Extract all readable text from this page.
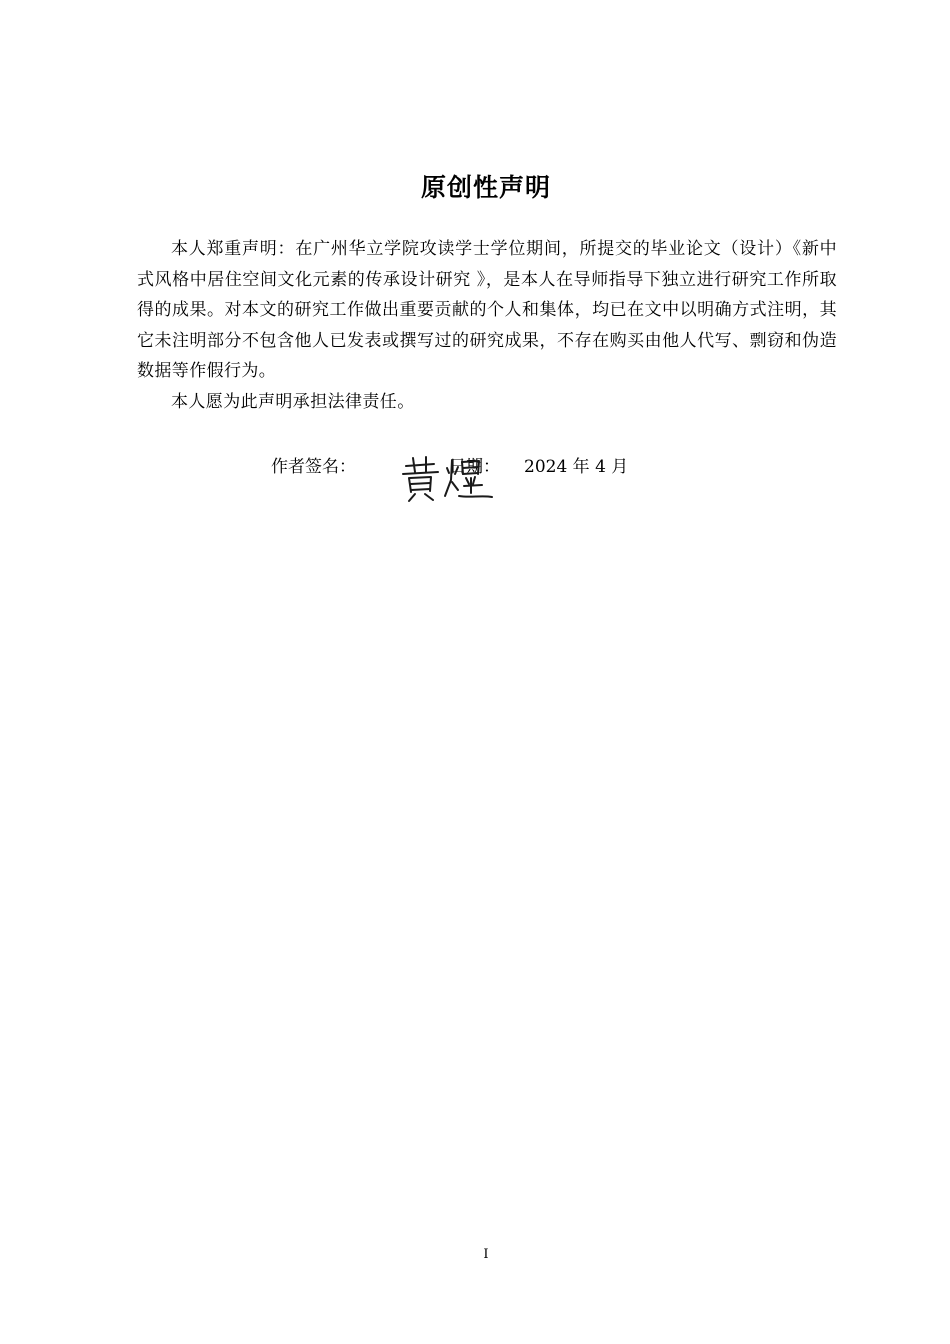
原创性声明

本人郑重声明：在广州华立学院攻读学士学位期间，所提交的毕业论文（设计）《新中式风格中居住空间文化元素的传承设计研究 》，是本人在导师指导下独立进行研究工作所取得的成果。对本文的研究工作做出重要贡献的个人和集体，均已在文中以明确方式注明，其它未注明部分不包含他人已发表或撰写过的研究成果，不存在购买由他人代写、剽窃和伪造数据等作假行为。

本人愿为此声明承担法律责任。

作者签名：	日期： 2024 年 4 月
I
